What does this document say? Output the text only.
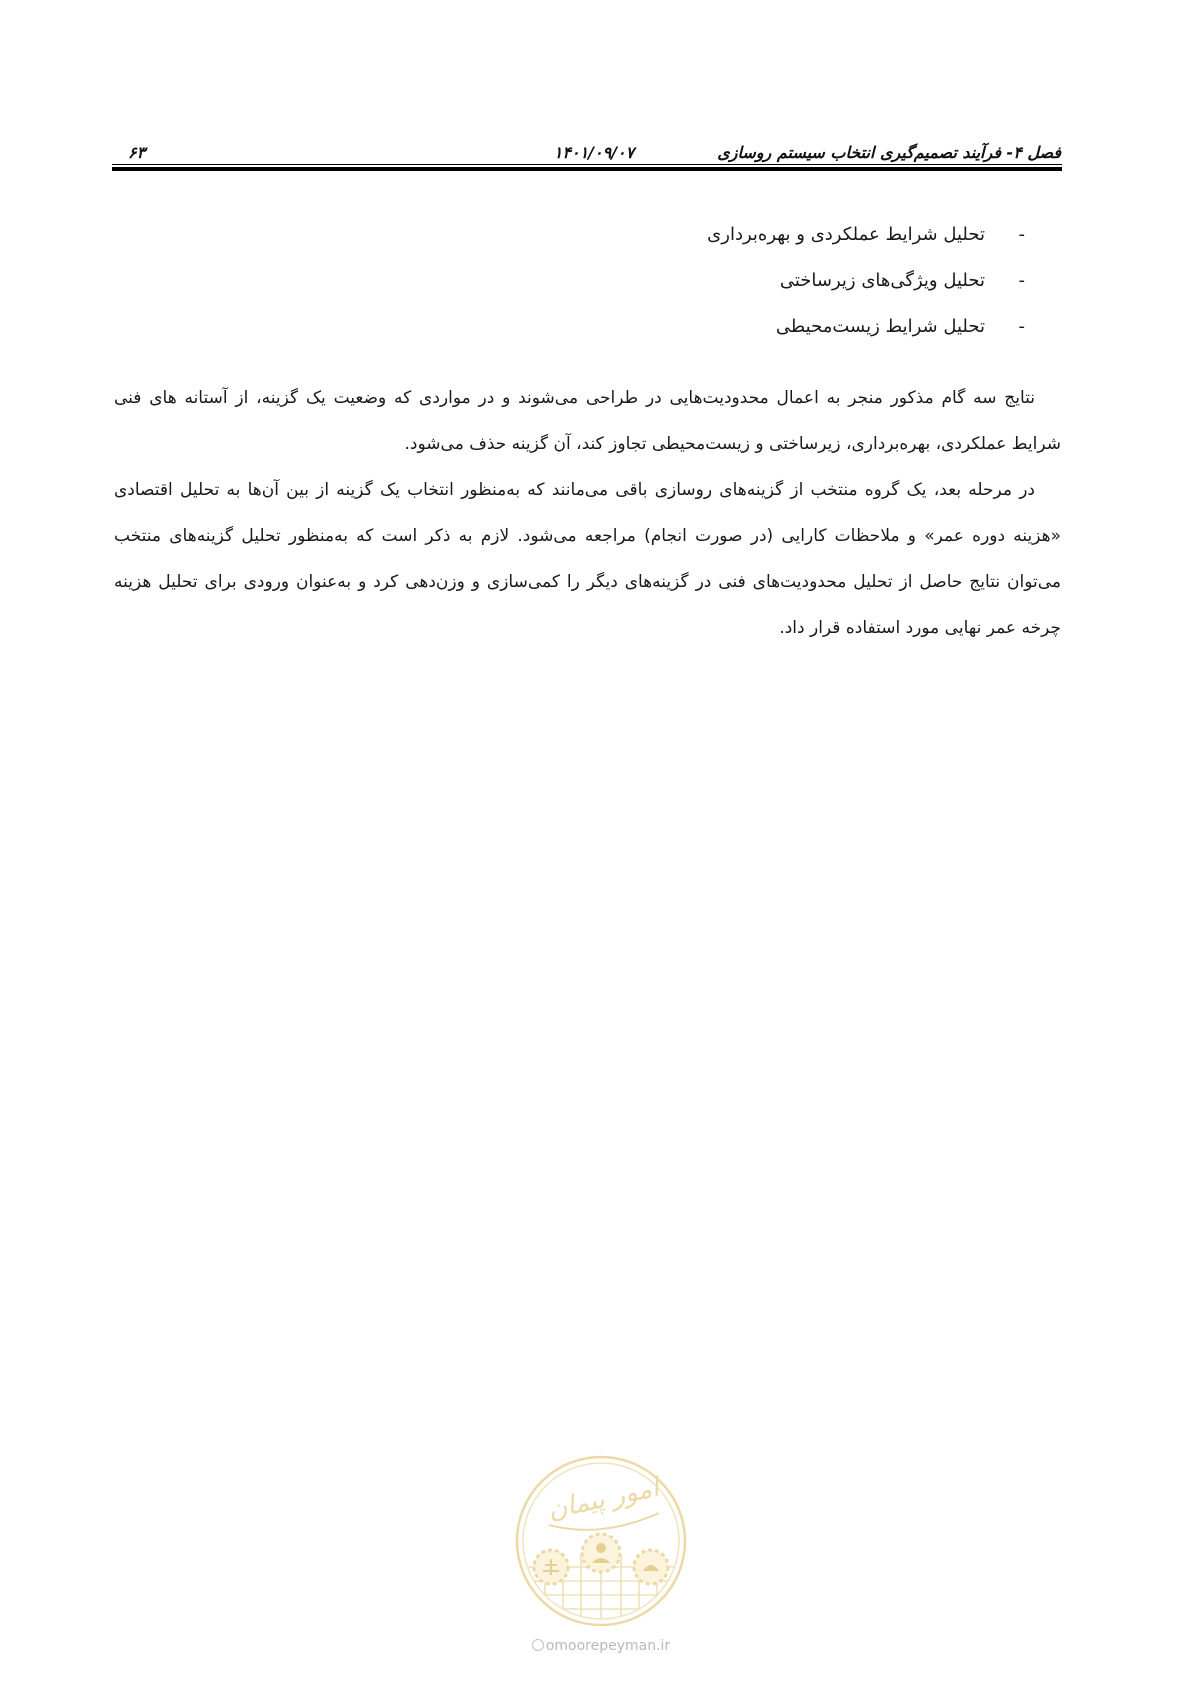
فصل ۴- فرآیند تصمیم‌گیری انتخاب سیستم روسازی
۱۴۰۱/۰۹/۰۷
۶۳
-تحلیل شرایط عملکردی و بهره‌برداری
-تحلیل ویژگی‌های زیرساختی
-تحلیل شرایط زیست‌محیطی

نتایج سه گام مذکور منجر به اعمال محدودیت‌هایی در طراحی می‌شوند و در مواردی که وضعیت یک گزینه، از آستانه های فنی شرایط عملکردی، بهره‌برداری، زیرساختی و زیست‌محیطی تجاوز کند، آن گزینه حذف می‌شود.

در مرحله بعد، یک گروه منتخب از گزینه‌های روسازی باقی می‌مانند که به‌منظور انتخاب یک گزینه از بین آن‌ها به تحلیل اقتصادی «هزینه دوره عمر» و ملاحظات کارایی (در صورت انجام) مراجعه می‌شود. لازم به ذکر است که به‌منظور تحلیل گزینه‌های منتخب می‌توان نتایج حاصل از تحلیل محدودیت‌های فنی در گزینه‌های دیگر را کمی‌سازی و وزن‌دهی کرد و به‌عنوان ورودی برای تحلیل هزینه چرخه عمر نهایی مورد استفاده قرار داد.

امور پیمان
omoorepeyman.ir
